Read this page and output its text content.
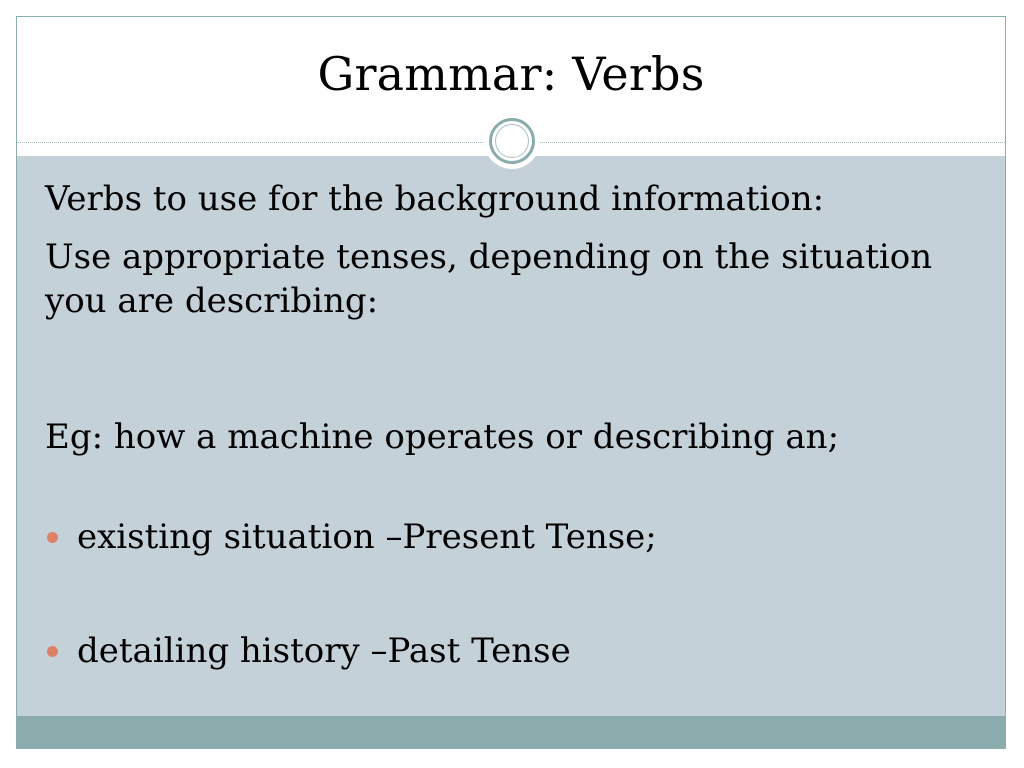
Grammar: Verbs

Verbs to use for the background information:

Use appropriate tenses, depending on the situation you are describing:

Eg: how a machine operates or describing an;

existing situation –Present Tense;
detailing history –Past Tense
